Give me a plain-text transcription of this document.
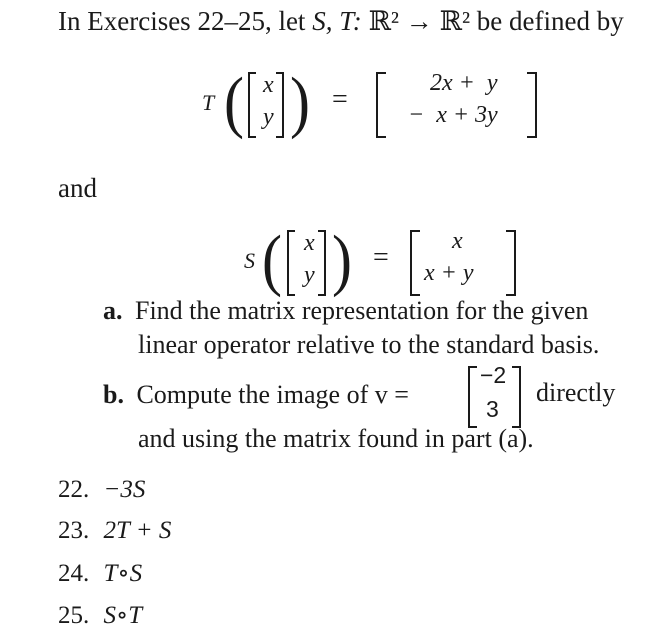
In Exercises 22–25, let S, T: ℝ² → ℝ² be defined by
T ( x
y ) =
2x +  y
−  x + 3y
and
S ( x
y ) =
x
x + y
a. Find the matrix representation for the given
linear operator relative to the standard basis.
b. Compute the image of v =
−2
3
directly
and using the matrix found in part (a).
22. −3S
23. 2T + S
24. T∘S
25. S∘T
